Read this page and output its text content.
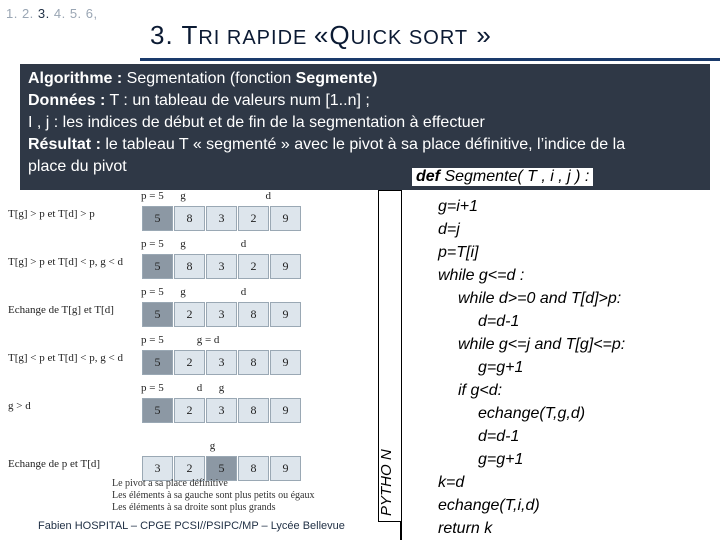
1. 2. 3. 4. 5. 6,
3. TRI RAPIDE «QUICK SORT »
Algorithme : Segmentation (fonction Segmente)
Données : T : un tableau de valeurs num [1..n] ;
I , j : les indices de début et de fin de la segmentation à effectuer
Résultat : le tableau T « segmenté » avec le pivot à sa place définitive, l’indice de la
place du pivot
p = 5      g                             d
T[g] > p et T[d] > p	5	8	3	2	9
p = 5      g                    d
T[g] > p et T[d] < p, g < d	5	8	3	2	9
p = 5      g                    d
Echange de T[g] et T[d]	5	2	3	8	9
p = 5            g = d
T[g] < p et T[d] < p, g < d	5	2	3	8	9
p = 5            d      g
g > d	5	2	3	8	9
g
Echange de p et T[d]	3	2	5	8	9
Le pivot a sa place définitive
Les éléments à sa gauche sont plus petits ou égaux
Les éléments à sa droite sont plus grands
Fabien HOSPITAL – CPGE PCSI//PSIPC/MP – Lycée Bellevue
g=i+1
d=j
p=T[i]
while g<=d :
while d>=0 and T[d]>p:
d=d-1
while g<=j and T[g]<=p:
g=g+1
if g<d:
echange(T,g,d)
d=d-1
g=g+1
k=d
echange(T,i,d)
return k
PYTHO N
def Segmente( T , i , j ) :
